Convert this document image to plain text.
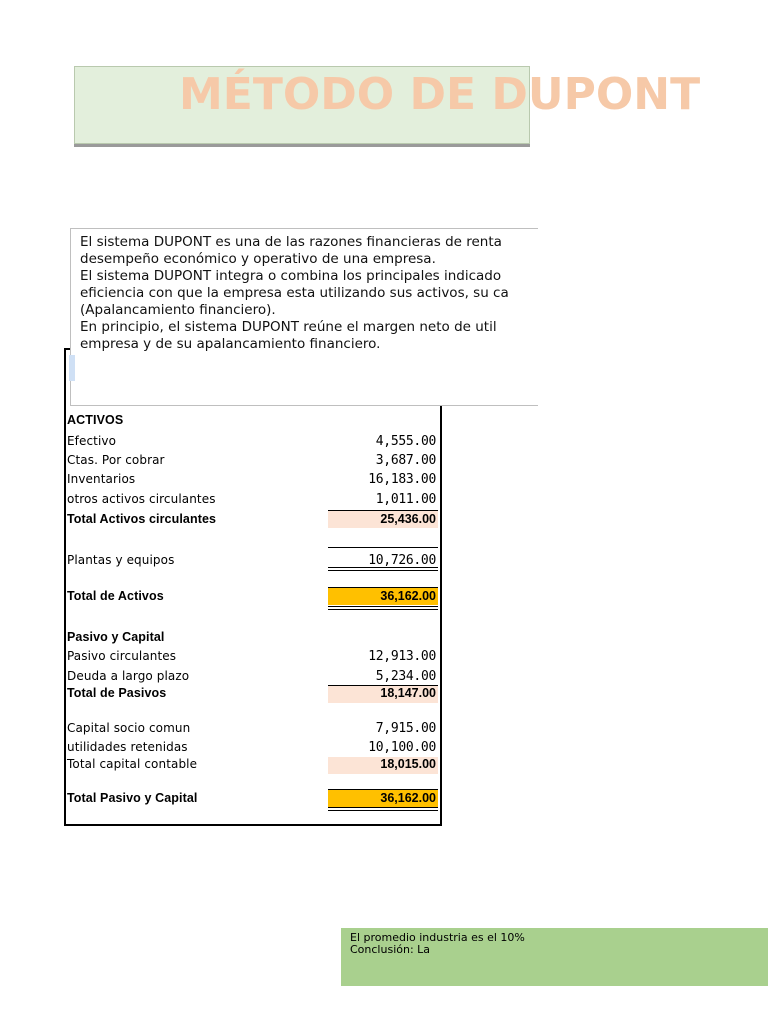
MÉTODO DE DUPONT
ACTIVOS
Efectivo	4,555.00
Ctas. Por cobrar	3,687.00
Inventarios	16,183.00
otros activos circulantes	1,011.00
Total Activos circulantes	25,436.00
Plantas y equipos	10,726.00
Total de Activos	36,162.00
Pasivo y Capital
Pasivo circulantes	12,913.00
Deuda a largo plazo	5,234.00
Total de Pasivos	18,147.00
Capital socio comun	7,915.00
utilidades retenidas	10,100.00
Total capital contable	18,015.00
Total Pasivo y Capital	36,162.00

El sistema DUPONT es una de las razones financieras de renta

desempeño económico y operativo de una empresa.

El sistema DUPONT integra o combina los principales indicado

eficiencia con que la empresa esta utilizando sus activos, su ca

(Apalancamiento financiero).

En principio, el sistema DUPONT reúne el margen neto de util

empresa y de su apalancamiento financiero.

El promedio industria es el 10%
Conclusión: La
